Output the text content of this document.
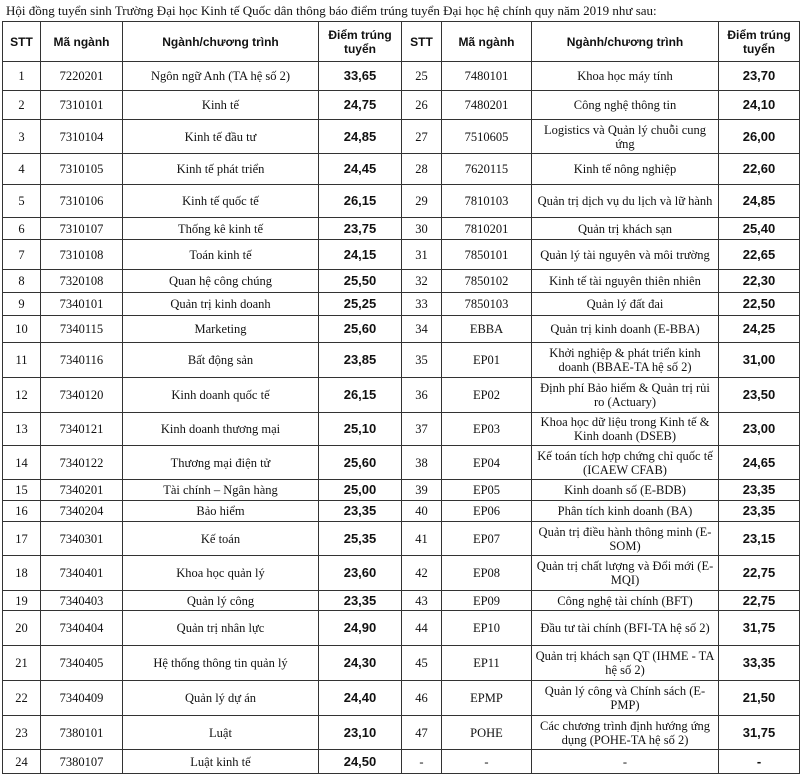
Hội đồng tuyển sinh Trường Đại học Kinh tế Quốc dân thông báo điểm trúng tuyển Đại học hệ chính quy năm 2019 như sau:
STT	Mã ngành	Ngành/chương trình	Điểm trúng tuyển
1	7220201	Ngôn ngữ Anh (TA hệ số 2)	33,65
2	7310101	Kinh tế	24,75
3	7310104	Kinh tế đầu tư	24,85
4	7310105	Kinh tế phát triển	24,45
5	7310106	Kinh tế quốc tế	26,15
6	7310107	Thống kê kinh tế	23,75
7	7310108	Toán kinh tế	24,15
8	7320108	Quan hệ công chúng	25,50
9	7340101	Quản trị kinh doanh	25,25
10	7340115	Marketing	25,60
11	7340116	Bất động sản	23,85
12	7340120	Kinh doanh quốc tế	26,15
13	7340121	Kinh doanh thương mại	25,10
14	7340122	Thương mại điện tử	25,60
15	7340201	Tài chính – Ngân hàng	25,00
16	7340204	Bảo hiểm	23,35
17	7340301	Kế toán	25,35
18	7340401	Khoa học quản lý	23,60
19	7340403	Quản lý công	23,35
20	7340404	Quản trị nhân lực	24,90
21	7340405	Hệ thống thông tin quản lý	24,30
22	7340409	Quản lý dự án	24,40
23	7380101	Luật	23,10
24	7380107	Luật kinh tế	24,50
STT	Mã ngành	Ngành/chương trình	Điểm trúng tuyển
25	7480101	Khoa học máy tính	23,70
26	7480201	Công nghệ thông tin	24,10
27	7510605	Logistics và Quản lý chuỗi cung ứng	26,00
28	7620115	Kinh tế nông nghiệp	22,60
29	7810103	Quản trị dịch vụ du lịch và lữ hành	24,85
30	7810201	Quản trị khách sạn	25,40
31	7850101	Quản lý tài nguyên và môi trường	22,65
32	7850102	Kinh tế tài nguyên thiên nhiên	22,30
33	7850103	Quản lý đất đai	22,50
34	EBBA	Quản trị kinh doanh (E-BBA)	24,25
35	EP01	Khởi nghiệp & phát triển kinh doanh (BBAE-TA hệ số 2)	31,00
36	EP02	Định phí Bảo hiểm & Quản trị rủi ro (Actuary)	23,50
37	EP03	Khoa học dữ liệu trong Kinh tế & Kinh doanh (DSEB)	23,00
38	EP04	Kế toán tích hợp chứng chỉ quốc tế (ICAEW CFAB)	24,65
39	EP05	Kinh doanh số (E-BDB)	23,35
40	EP06	Phân tích kinh doanh (BA)	23,35
41	EP07	Quản trị điều hành thông minh (E-SOM)	23,15
42	EP08	Quản trị chất lượng và Đổi mới (E-MQI)	22,75
43	EP09	Công nghệ tài chính (BFT)	22,75
44	EP10	Đầu tư tài chính (BFI-TA hệ số 2)	31,75
45	EP11	Quản trị khách sạn QT (IHME - TA hệ số 2)	33,35
46	EPMP	Quản lý công và Chính sách (E-PMP)	21,50
47	POHE	Các chương trình định hướng ứng dụng (POHE-TA hệ số 2)	31,75
-	-	-	-
